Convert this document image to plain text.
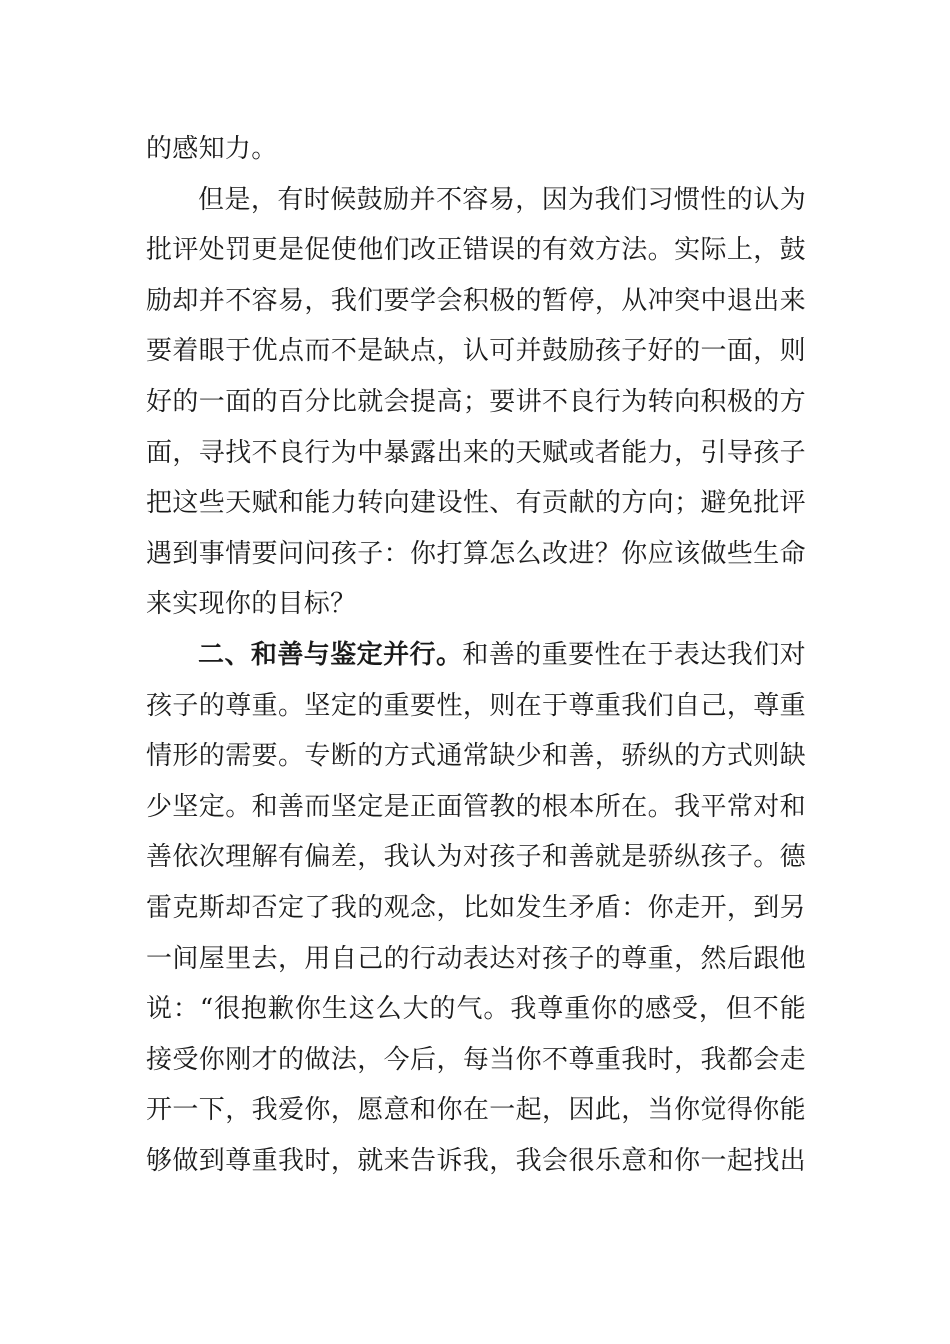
的感知力。
但是，有时候鼓励并不容易，因为我们习惯性的认为
批评处罚更是促使他们改正错误的有效方法。实际上，鼓
励却并不容易，我们要学会积极的暂停，从冲突中退出来
要着眼于优点而不是缺点，认可并鼓励孩子好的一面，则
好的一面的百分比就会提高；要讲不良行为转向积极的方
面，寻找不良行为中暴露出来的天赋或者能力，引导孩子
把这些天赋和能力转向建设性、有贡献的方向；避免批评
遇到事情要问问孩子：你打算怎么改进？你应该做些生命
来实现你的目标？
二、和善与鉴定并行。和善的重要性在于表达我们对
孩子的尊重。坚定的重要性，则在于尊重我们自己，尊重
情形的需要。专断的方式通常缺少和善，骄纵的方式则缺
少坚定。和善而坚定是正面管教的根本所在。我平常对和
善依次理解有偏差，我认为对孩子和善就是骄纵孩子。德
雷克斯却否定了我的观念，比如发生矛盾：你走开，到另
一间屋里去，用自己的行动表达对孩子的尊重，然后跟他
说：“很抱歉你生这么大的气。我尊重你的感受，但不能
接受你刚才的做法，今后，每当你不尊重我时，我都会走
开一下，我爱你，愿意和你在一起，因此，当你觉得你能
够做到尊重我时，就来告诉我，我会很乐意和你一起找出
